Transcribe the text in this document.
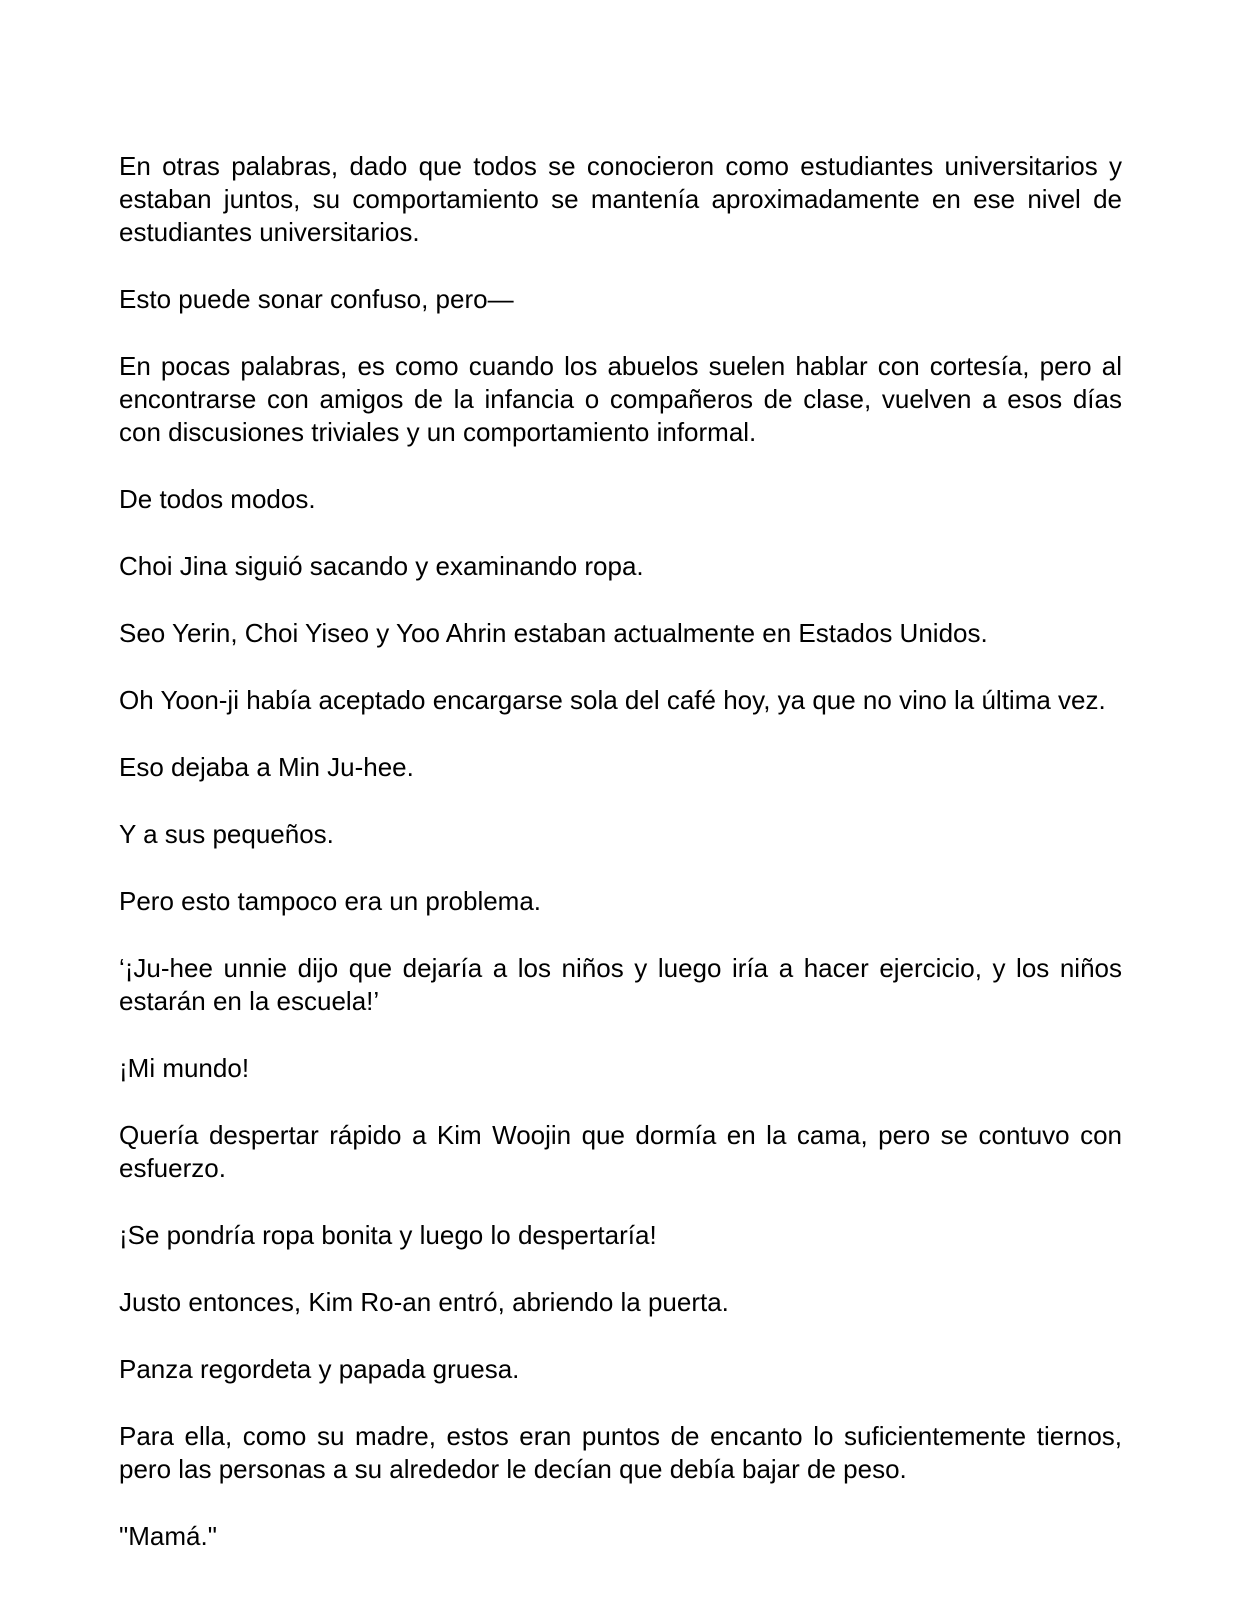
En otras palabras, dado que todos se conocieron como estudiantes universitarios y estaban juntos, su comportamiento se mantenía aproximadamente en ese nivel de estudiantes universitarios.

Esto puede sonar confuso, pero—

En pocas palabras, es como cuando los abuelos suelen hablar con cortesía, pero al encontrarse con amigos de la infancia o compañeros de clase, vuelven a esos días con discusiones triviales y un comportamiento informal.

De todos modos.

Choi Jina siguió sacando y examinando ropa.

Seo Yerin, Choi Yiseo y Yoo Ahrin estaban actualmente en Estados Unidos.

Oh Yoon-ji había aceptado encargarse sola del café hoy, ya que no vino la última vez.

Eso dejaba a Min Ju-hee.

Y a sus pequeños.

Pero esto tampoco era un problema.

‘¡Ju-hee unnie dijo que dejaría a los niños y luego iría a hacer ejercicio, y los niños estarán en la escuela!’

¡Mi mundo!

Quería despertar rápido a Kim Woojin que dormía en la cama, pero se contuvo con esfuerzo.

¡Se pondría ropa bonita y luego lo despertaría!

Justo entonces, Kim Ro-an entró, abriendo la puerta.

Panza regordeta y papada gruesa.

Para ella, como su madre, estos eran puntos de encanto lo suficientemente tiernos, pero las personas a su alrededor le decían que debía bajar de peso.

"Mamá."
